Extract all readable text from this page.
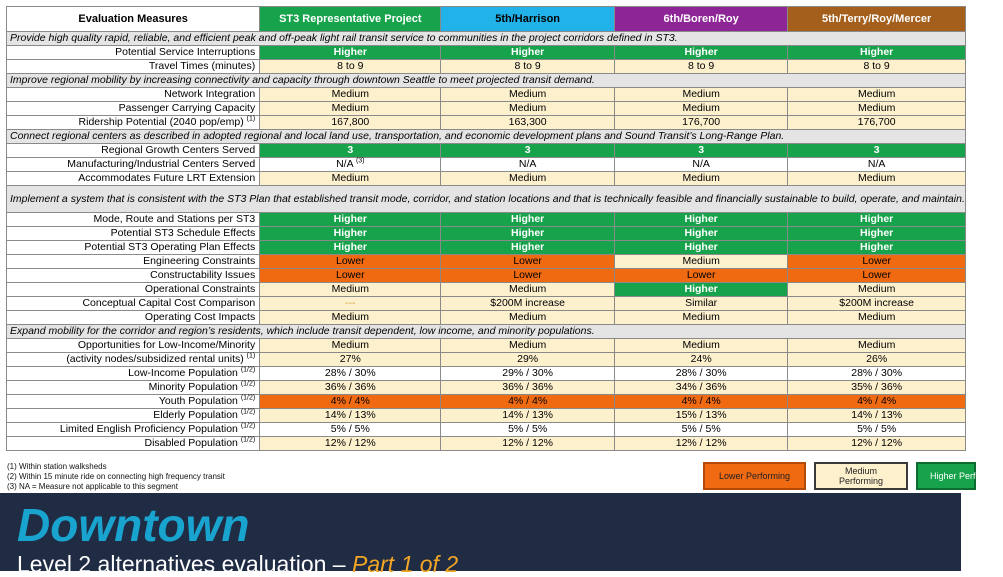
Evaluation Measures	ST3 Representative Project	5th/Harrison	6th/Boren/Roy	5th/Terry/Roy/Mercer
Provide high quality rapid, reliable, and efficient peak and off-peak light rail transit service to communities in the project corridors defined in ST3.				
Potential Service Interruptions	Higher	Higher	Higher	Higher
Travel Times (minutes)	8 to 9	8 to 9	8 to 9	8 to 9
Improve regional mobility by increasing connectivity and capacity through downtown Seattle to meet projected transit demand.				
Network Integration	Medium	Medium	Medium	Medium
Passenger Carrying Capacity	Medium	Medium	Medium	Medium
Ridership Potential (2040 pop/emp) $^{(1)}$	167,800	163,300	176,700	176,700
Connect regional centers as described in adopted regional and local land use, transportation, and economic development plans and Sound Transit’s Long-Range Plan.				
Regional Growth Centers Served	3	3	3	3
Manufacturing/Industrial Centers Served	N/A $^{(3)}$	N/A	N/A	N/A
Accommodates Future LRT Extension	Medium	Medium	Medium	Medium
Implement a system that is consistent with the ST3 Plan that established transit mode, corridor, and station locations and that is technically feasible and financially sustainable to build, operate, and maintain.				
Mode, Route and Stations per ST3	Higher	Higher	Higher	Higher
Potential ST3 Schedule Effects	Higher	Higher	Higher	Higher
Potential ST3 Operating Plan Effects	Higher	Higher	Higher	Higher
Engineering Constraints	Lower	Lower	Medium	Lower
Constructability Issues	Lower	Lower	Lower	Lower
Operational Constraints	Medium	Medium	Higher	Medium
Conceptual Capital Cost Comparison	---	$200M increase	Similar	$200M increase
Operating Cost Impacts	Medium	Medium	Medium	Medium
Expand mobility for the corridor and region’s residents, which include transit dependent, low income, and minority populations.				
Opportunities for Low-Income/Minority	Medium	Medium	Medium	Medium
(activity nodes/subsidized rental units) $^{(1)}$	27%	29%	24%	26%
Low-Income Population $^{(1/2)}$	28% / 30%	29% / 30%	28% / 30%	28% / 30%
Minority Population $^{(1/2)}$	36% / 36%	36% / 36%	34% / 36%	35% / 36%
Youth Population $^{(1/2)}$	4% / 4%	4% / 4%	4% / 4%	4% / 4%
Elderly Population $^{(1/2)}$	14% / 13%	14% / 13%	15% / 13%	14% / 13%
Limited English Proficiency Population $^{(1/2)}$	5% / 5%	5% / 5%	5% / 5%	5% / 5%
Disabled Population $^{(1/2)}$	12% / 12%	12% / 12%	12% / 12%	12% / 12%
(1) Within station walksheds
(2) Within 15 minute ride on connecting high frequency transit
(3) NA = Measure not applicable to this segment
Lower Performing	Medium
Performing	Higher Performing
Downtown
Level 2 alternatives evaluation – Part 1 of 2
